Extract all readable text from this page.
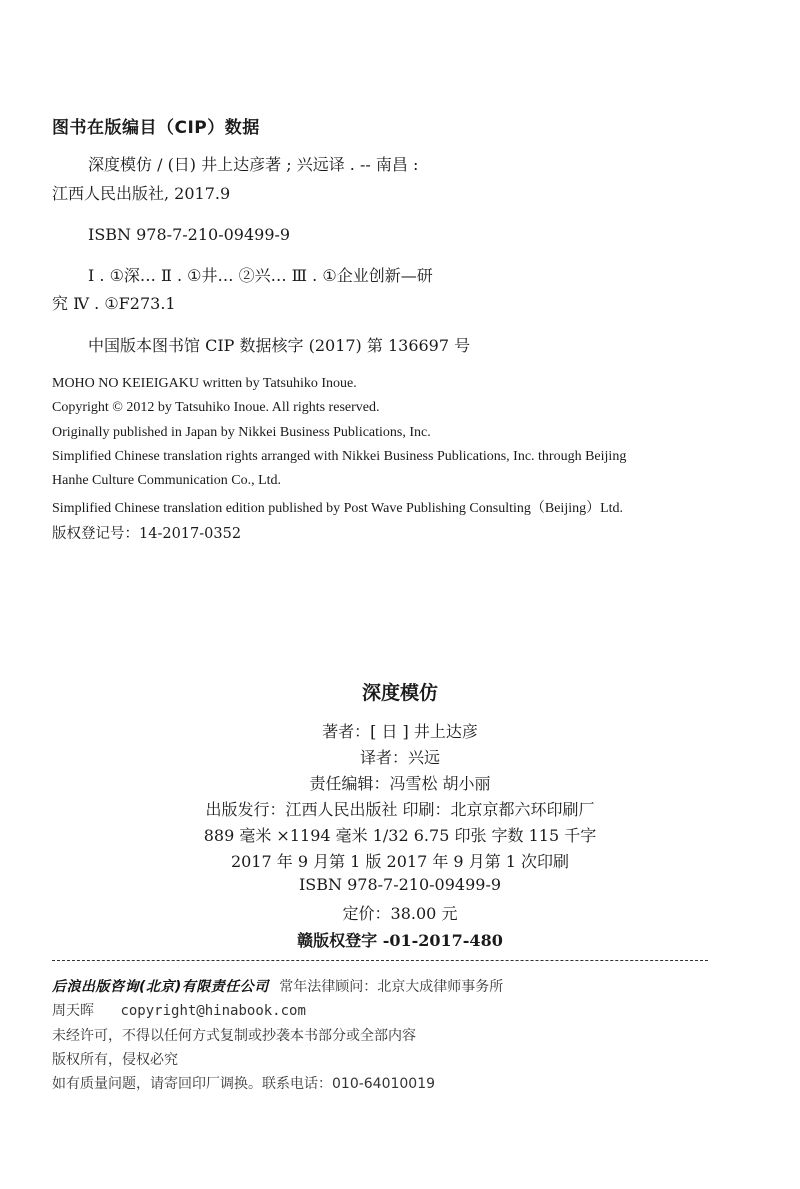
图书在版编目（CIP）数据
深度模仿 / (日) 井上达彦著 ; 兴远译 . -- 南昌 :
江西人民出版社, 2017.9
ISBN 978-7-210-09499-9
Ⅰ . ①深… Ⅱ . ①井… ②兴… Ⅲ . ①企业创新—研
究 Ⅳ . ①F273.1
中国版本图书馆 CIP 数据核字 (2017) 第 136697 号
MOHO NO KEIEIGAKU written by Tatsuhiko Inoue.
Copyright © 2012 by Tatsuhiko Inoue. All rights reserved.
Originally published in Japan by Nikkei Business Publications, Inc.
Simplified Chinese translation rights arranged with Nikkei Business Publications, Inc. through Beijing
Hanhe Culture Communication Co., Ltd.
Simplified Chinese translation edition published by Post Wave Publishing Consulting（Beijing）Ltd.
版权登记号：14-2017-0352
深度模仿
著者：[ 日 ] 井上达彦
译者：兴远
责任编辑：冯雪松 胡小丽
出版发行：江西人民出版社 印刷：北京京都六环印刷厂
889 毫米 ×1194 毫米 1/32 6.75 印张 字数 115 千字
2017 年 9 月第 1 版 2017 年 9 月第 1 次印刷
ISBN 978-7-210-09499-9
定价：38.00 元
赣版权登字 -01-2017-480
后浪出版咨询(北京)有限责任公司 常年法律顾问：北京大成律师事务所
周天晖 copyright@hinabook.com
未经许可，不得以任何方式复制或抄袭本书部分或全部内容
版权所有，侵权必究
如有质量问题，请寄回印厂调换。联系电话：010-64010019
